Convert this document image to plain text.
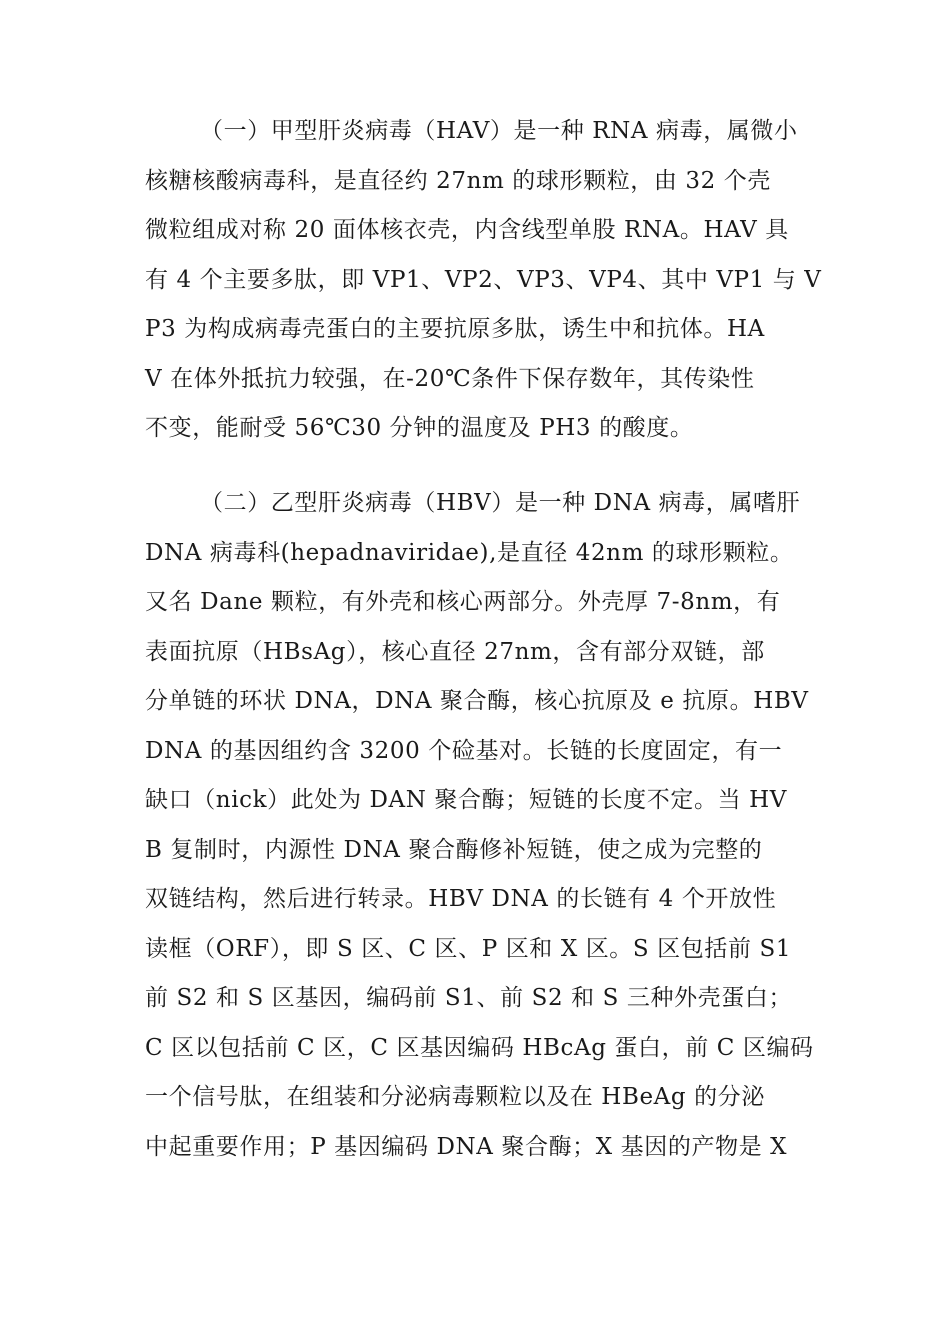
（一）甲型肝炎病毒（HAV）是一种 RNA 病毒，属微小
核糖核酸病毒科，是直径约 27nm 的球形颗粒，由 32 个壳
微粒组成对称 20 面体核衣壳，内含线型单股 RNA。HAV 具
有 4 个主要多肽，即 VP1、VP2、VP3、VP4、其中 VP1 与 V
P3 为构成病毒壳蛋白的主要抗原多肽，诱生中和抗体。HA
V 在体外抵抗力较强，在-20℃条件下保存数年，其传染性
不变，能耐受 56℃30 分钟的温度及 PH3 的酸度。
（二）乙型肝炎病毒（HBV）是一种 DNA 病毒，属嗜肝
DNA 病毒科(hepadnaviridae),是直径 42nm 的球形颗粒。
又名 Dane 颗粒，有外壳和核心两部分。外壳厚 7-8nm，有
表面抗原（HBsAg），核心直径 27nm，含有部分双链，部
分单链的环状 DNA，DNA 聚合酶，核心抗原及 e 抗原。HBV
DNA 的基因组约含 3200 个硷基对。长链的长度固定，有一
缺口（nick）此处为 DAN 聚合酶；短链的长度不定。当 HV
B 复制时，内源性 DNA 聚合酶修补短链，使之成为完整的
双链结构，然后进行转录。HBV DNA 的长链有 4 个开放性
读框（ORF），即 S 区、C 区、P 区和 X 区。S 区包括前 S1
前 S2 和 S 区基因，编码前 S1、前 S2 和 S 三种外壳蛋白；
C 区以包括前 C 区，C 区基因编码 HBcAg 蛋白，前 C 区编码
一个信号肽，在组装和分泌病毒颗粒以及在 HBeAg 的分泌
中起重要作用；P 基因编码 DNA 聚合酶；X 基因的产物是 X
